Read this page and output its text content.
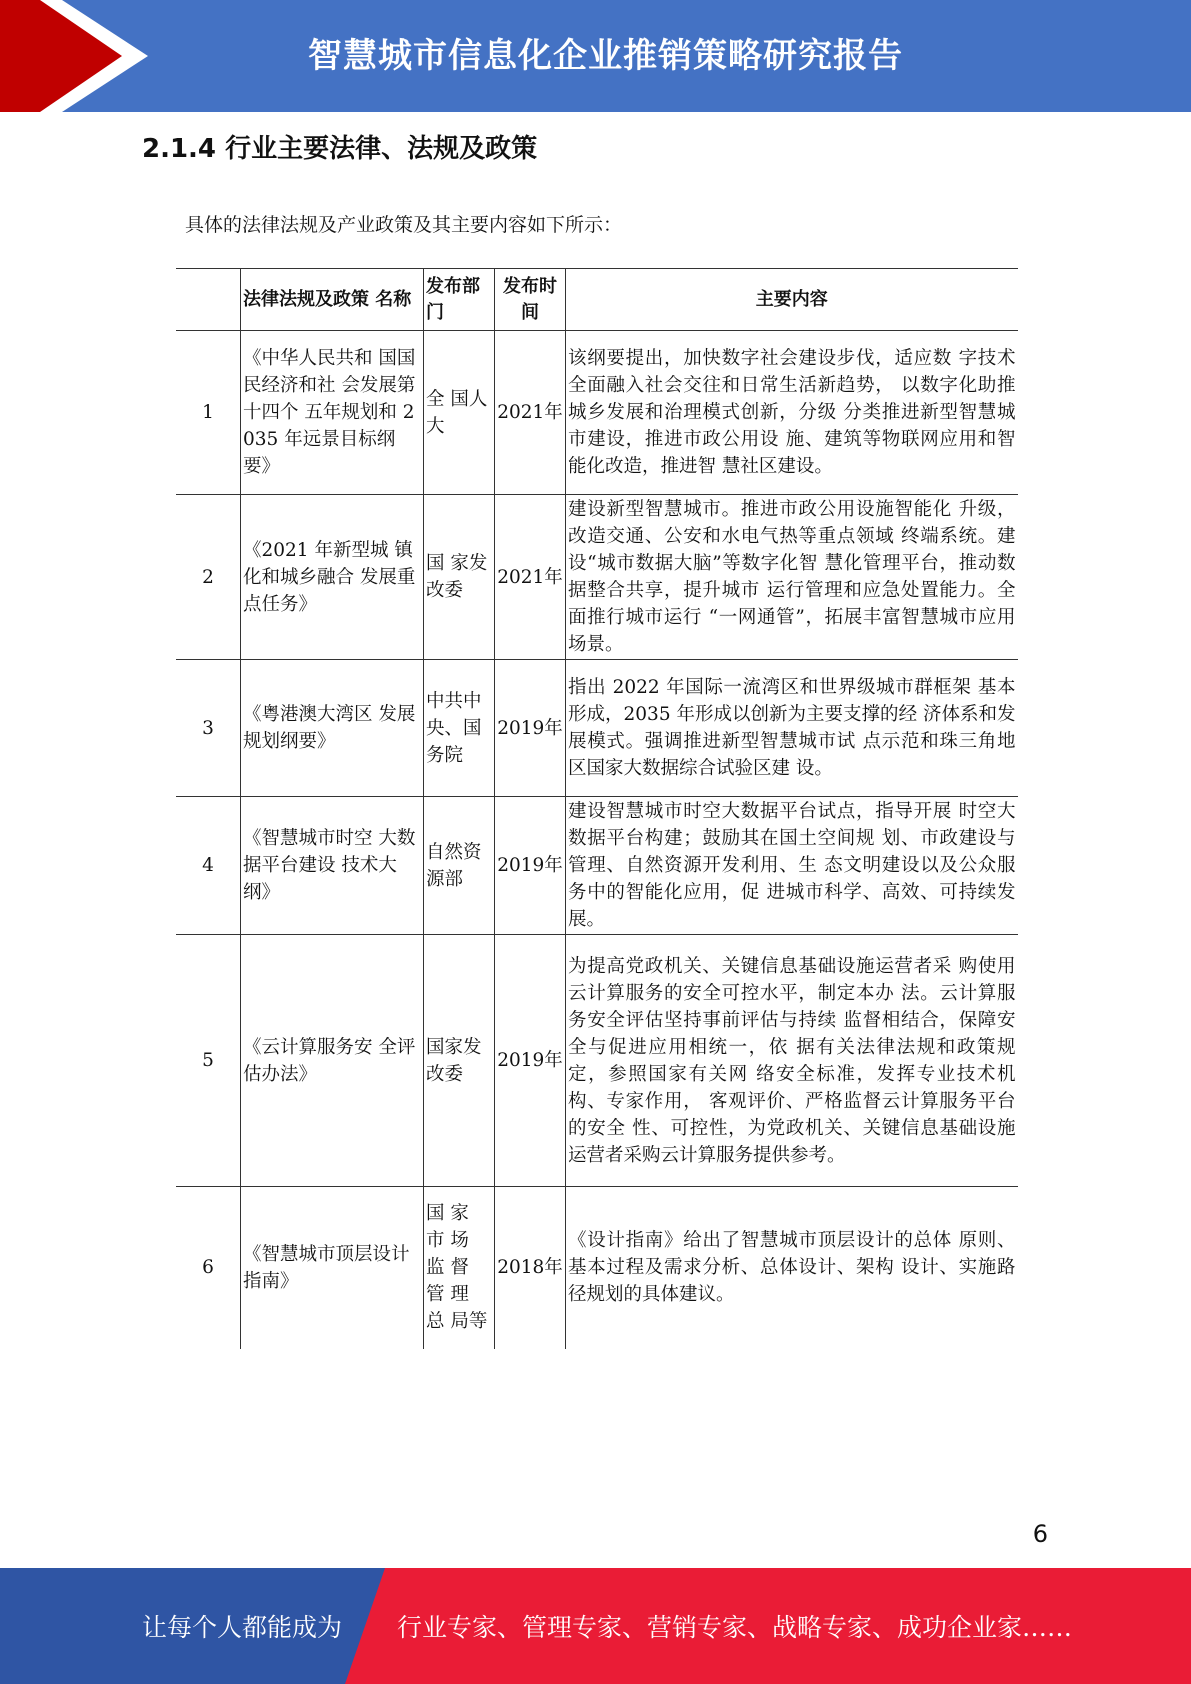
智慧城市信息化企业推销策略研究报告
2.1.4 行业主要法律、法规及政策
具体的法律法规及产业政策及其主要内容如下所示：
	法律法规及政策 名称	发布部门	发布时间	主要内容
1	《中华人民共和 国国民经济和社 会发展第十四个 五年规划和 2035 年远景目标纲 要》	全 国人大	2021年	该纲要提出，加快数字社会建设步伐，适应数 字技术全面融入社会交往和日常生活新趋势， 以数字化助推城乡发展和治理模式创新，分级 分类推进新型智慧城市建设，推进市政公用设 施、建筑等物联网应用和智能化改造，推进智 慧社区建设。
2	《2021 年新型城 镇化和城乡融合 发展重点任务》	国 家发 改委	2021年	建设新型智慧城市。推进市政公用设施智能化 升级，改造交通、公安和水电气热等重点领域 终端系统。建设“城市数据大脑”等数字化智 慧化管理平台，推动数据整合共享，提升城市 运行管理和应急处置能力。全面推行城市运行 “一网通管”，拓展丰富智慧城市应用场景。
3	《粤港澳大湾区 发展规划纲要》	中共中央、国务院	2019年	指出 2022 年国际一流湾区和世界级城市群框架 基本形成，2035 年形成以创新为主要支撑的经 济体系和发展模式。强调推进新型智慧城市试 点示范和珠三角地区国家大数据综合试验区建 设。
4	《智慧城市时空 大数据平台建设 技术大纲》	自然资源部	2019年	建设智慧城市时空大数据平台试点，指导开展 时空大数据平台构建；鼓励其在国土空间规 划、市政建设与管理、自然资源开发利用、生 态文明建设以及公众服务中的智能化应用，促 进城市科学、高效、可持续发展。
5	《云计算服务安 全评估办法》	国家发改委	2019年	为提高党政机关、关键信息基础设施运营者采 购使用云计算服务的安全可控水平，制定本办 法。云计算服务安全评估坚持事前评估与持续 监督相结合，保障安全与促进应用相统一，依 据有关法律法规和政策规定，参照国家有关网 络安全标准，发挥专业技术机构、专家作用， 客观评价、严格监督云计算服务平台的安全 性、可控性，为党政机关、关键信息基础设施 运营者采购云计算服务提供参考。
6	《智慧城市顶层设计指南》	国 家 市 场 监 督 管 理 总 局等	2018年	《设计指南》给出了智慧城市顶层设计的总体 原则、基本过程及需求分析、总体设计、架构 设计、实施路径规划的具体建议。
6
让每个人都能成为 行业专家、管理专家、营销专家、战略专家、成功企业家……
